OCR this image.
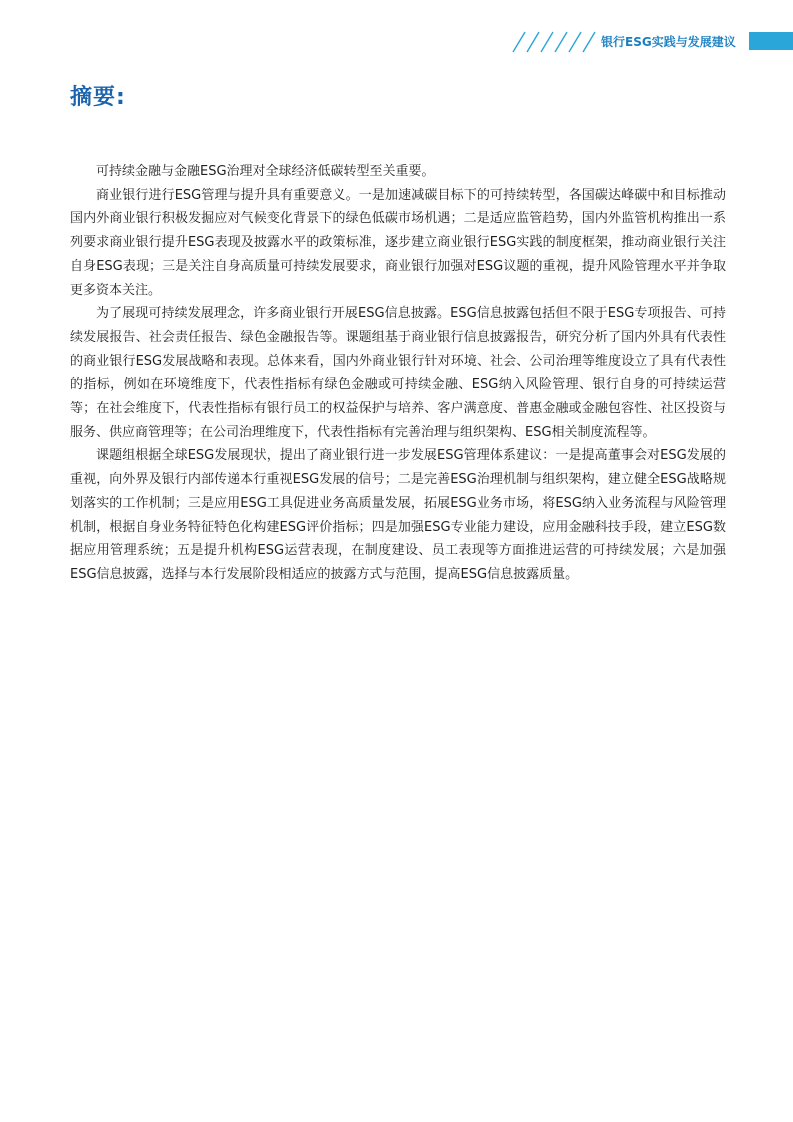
银行ESG实践与发展建议
摘要:

可持续金融与金融ESG治理对全球经济低碳转型至关重要。

商业银行进行ESG管理与提升具有重要意义。一是加速减碳目标下的可持续转型，各国碳达峰碳中和目标推动国内外商业银行积极发掘应对气候变化背景下的绿色低碳市场机遇；二是适应监管趋势，国内外监管机构推出一系列要求商业银行提升ESG表现及披露水平的政策标准，逐步建立商业银行ESG实践的制度框架，推动商业银行关注自身ESG表现；三是关注自身高质量可持续发展要求，商业银行加强对ESG议题的重视，提升风险管理水平并争取更多资本关注。

为了展现可持续发展理念，许多商业银行开展ESG信息披露。ESG信息披露包括但不限于ESG专项报告、可持续发展报告、社会责任报告、绿色金融报告等。课题组基于商业银行信息披露报告，研究分析了国内外具有代表性的商业银行ESG发展战略和表现。总体来看，国内外商业银行针对环境、社会、公司治理等维度设立了具有代表性的指标，例如在环境维度下，代表性指标有绿色金融或可持续金融、ESG纳入风险管理、银行自身的可持续运营等；在社会维度下，代表性指标有银行员工的权益保护与培养、客户满意度、普惠金融或金融包容性、社区投资与服务、供应商管理等；在公司治理维度下，代表性指标有完善治理与组织架构、ESG相关制度流程等。

课题组根据全球ESG发展现状，提出了商业银行进一步发展ESG管理体系建议：一是提高董事会对ESG发展的重视，向外界及银行内部传递本行重视ESG发展的信号；二是完善ESG治理机制与组织架构，建立健全ESG战略规划落实的工作机制；三是应用ESG工具促进业务高质量发展，拓展ESG业务市场，将ESG纳入业务流程与风险管理机制，根据自身业务特征特色化构建ESG评价指标；四是加强ESG专业能力建设，应用金融科技手段，建立ESG数据应用管理系统；五是提升机构ESG运营表现，在制度建设、员工表现等方面推进运营的可持续发展；六是加强ESG信息披露，选择与本行发展阶段相适应的披露方式与范围，提高ESG信息披露质量。
